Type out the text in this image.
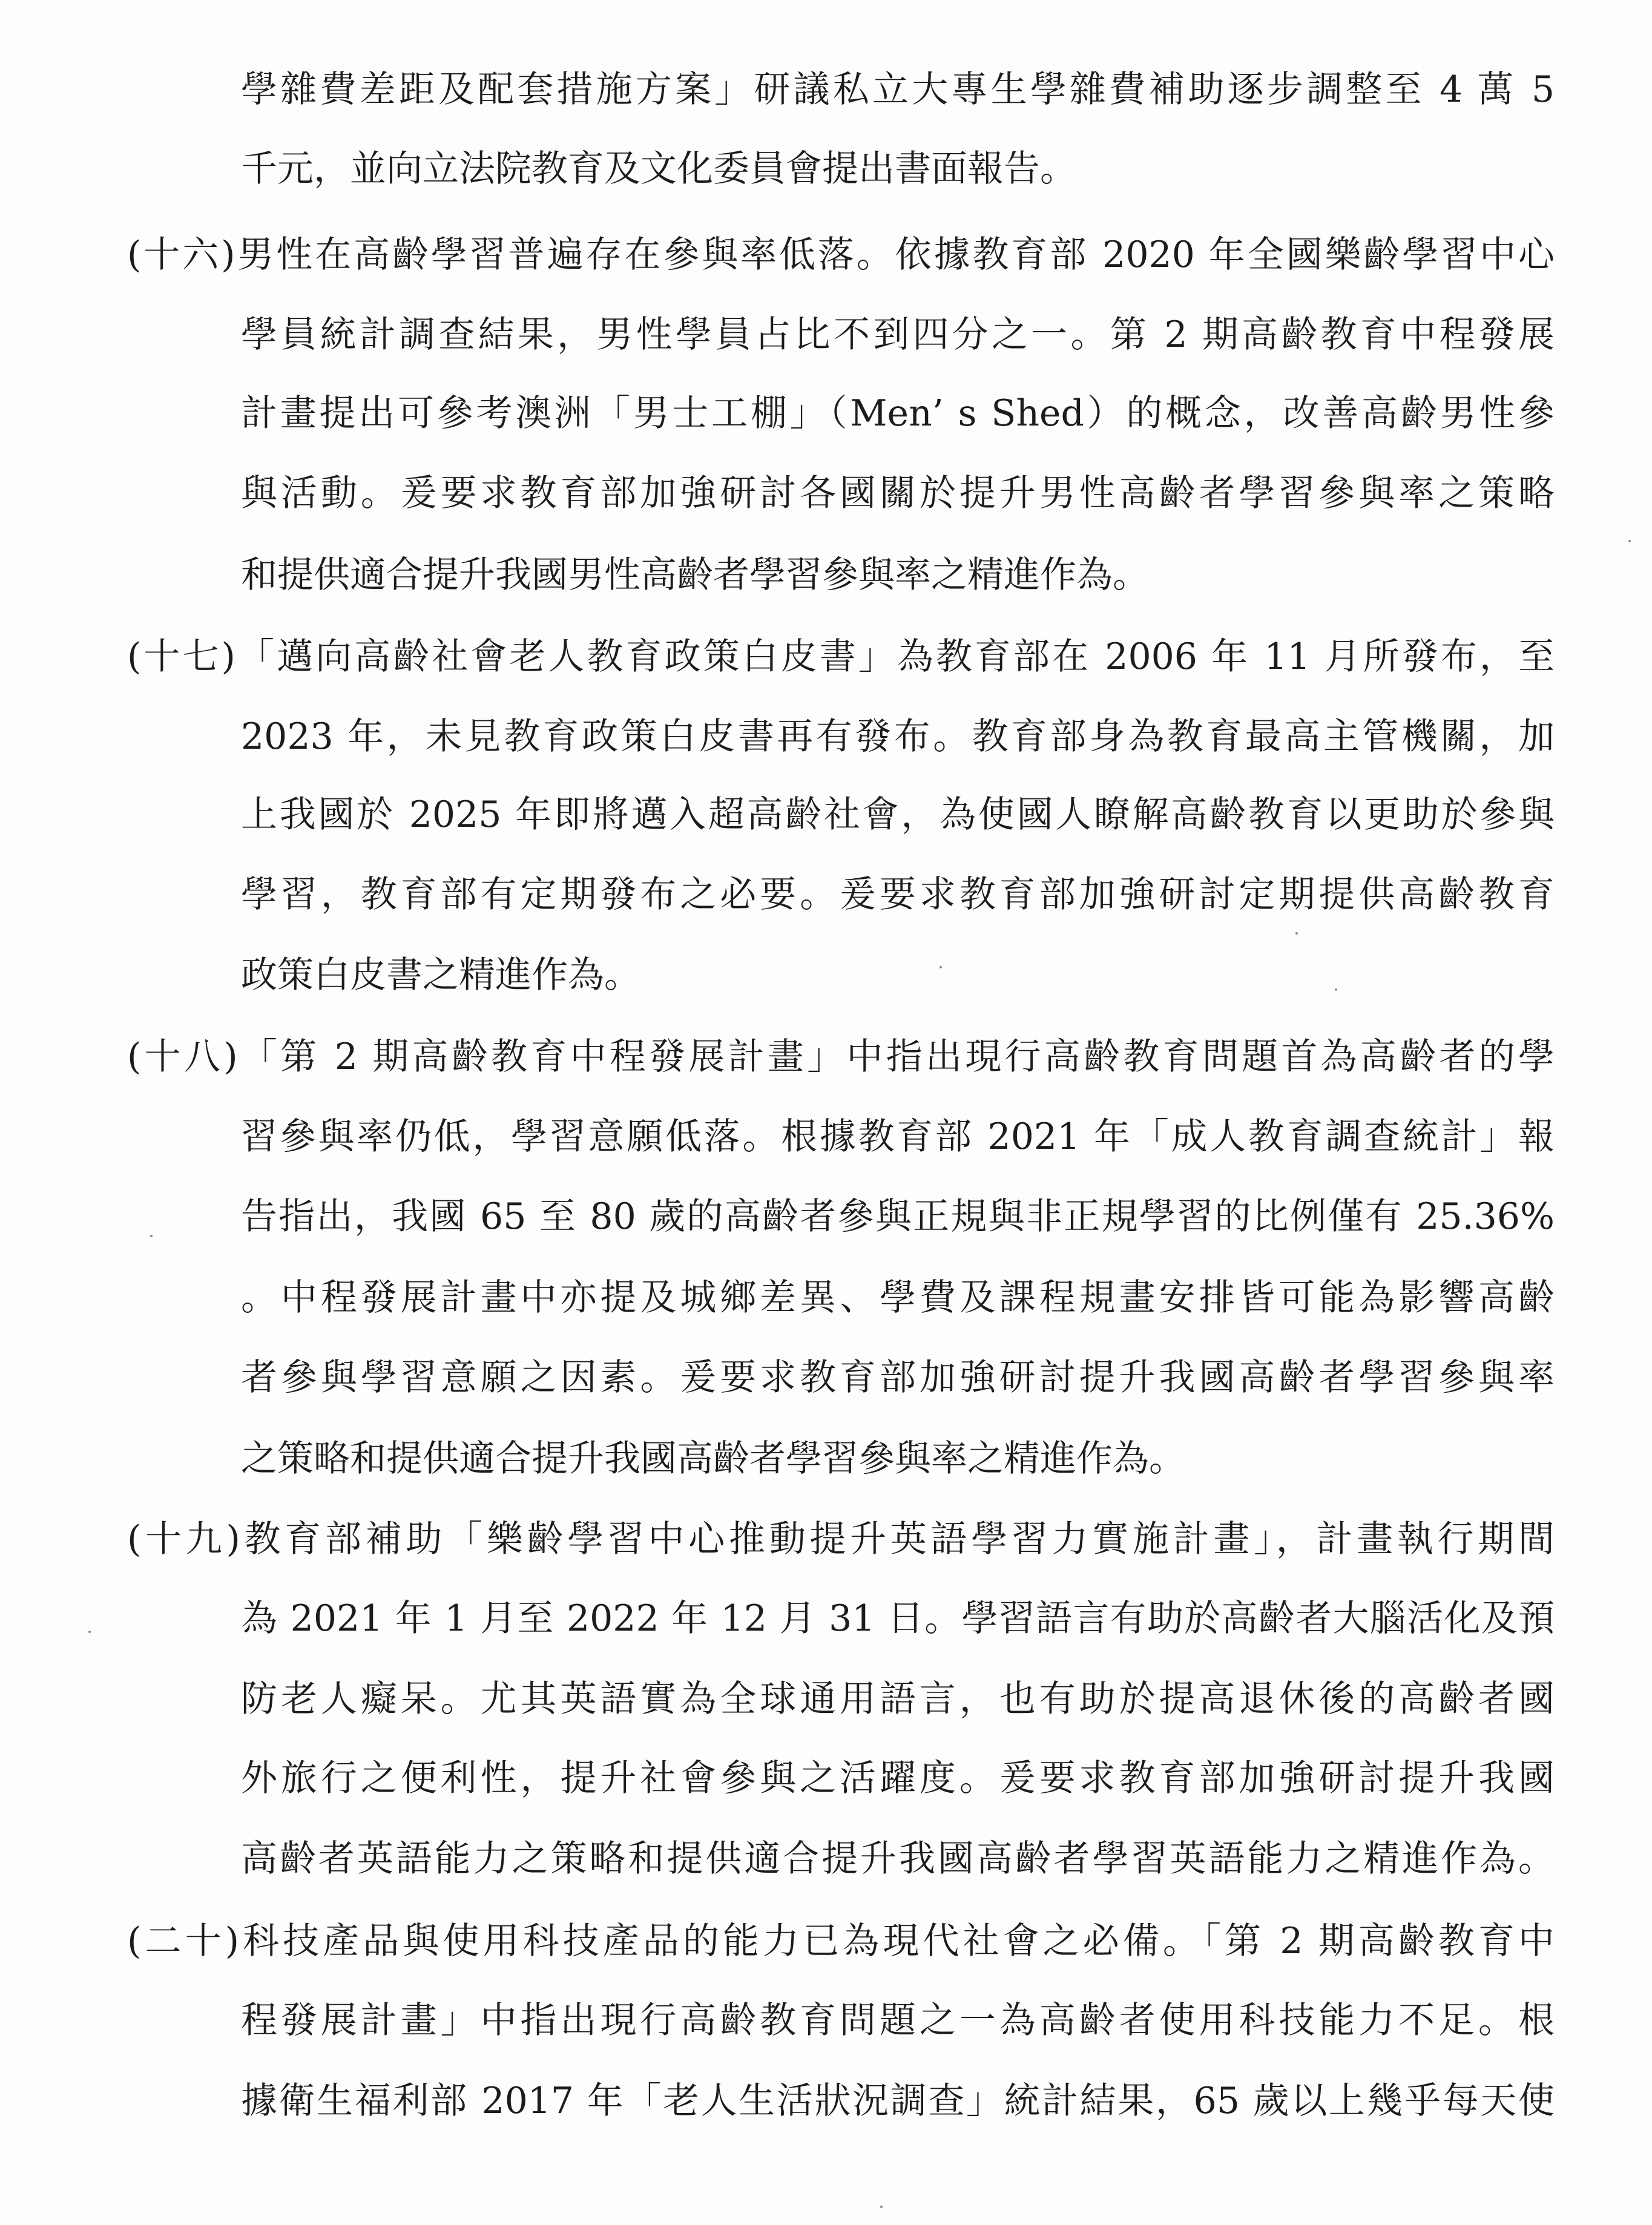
學雜費差距及配套措施方案」研議私立大專生學雜費補助逐步調整至 4 萬 5
千元，並向立法院教育及文化委員會提出書面報告。
(十六)男性在高齡學習普遍存在參與率低落。依據教育部 2020 年全國樂齡學習中心
學員統計調查結果，男性學員占比不到四分之一。第 2 期高齡教育中程發展
計畫提出可參考澳洲「男士工棚」（Men’ s Shed）的概念，改善高齡男性參
與活動。爰要求教育部加強研討各國關於提升男性高齡者學習參與率之策略
和提供適合提升我國男性高齡者學習參與率之精進作為。
(十七)「邁向高齡社會老人教育政策白皮書」為教育部在 2006 年 11 月所發布，至
2023 年，未見教育政策白皮書再有發布。教育部身為教育最高主管機關，加
上我國於 2025 年即將邁入超高齡社會，為使國人瞭解高齡教育以更助於參與
學習，教育部有定期發布之必要。爰要求教育部加強研討定期提供高齡教育
政策白皮書之精進作為。
(十八)「第 2 期高齡教育中程發展計畫」中指出現行高齡教育問題首為高齡者的學
習參與率仍低，學習意願低落。根據教育部 2021 年「成人教育調查統計」報
告指出，我國 65 至 80 歲的高齡者參與正規與非正規學習的比例僅有 25.36%
。中程發展計畫中亦提及城鄉差異、學費及課程規畫安排皆可能為影響高齡
者參與學習意願之因素。爰要求教育部加強研討提升我國高齡者學習參與率
之策略和提供適合提升我國高齡者學習參與率之精進作為。
(十九)教育部補助「樂齡學習中心推動提升英語學習力實施計畫」，計畫執行期間
為 2021 年 1 月至 2022 年 12 月 31 日。學習語言有助於高齡者大腦活化及預
防老人癡呆。尤其英語實為全球通用語言，也有助於提高退休後的高齡者國
外旅行之便利性，提升社會參與之活躍度。爰要求教育部加強研討提升我國
高齡者英語能力之策略和提供適合提升我國高齡者學習英語能力之精進作為。
(二十)科技產品與使用科技產品的能力已為現代社會之必備。「第 2 期高齡教育中
程發展計畫」中指出現行高齡教育問題之一為高齡者使用科技能力不足。根
據衛生福利部 2017 年「老人生活狀況調查」統計結果，65 歲以上幾乎每天使
